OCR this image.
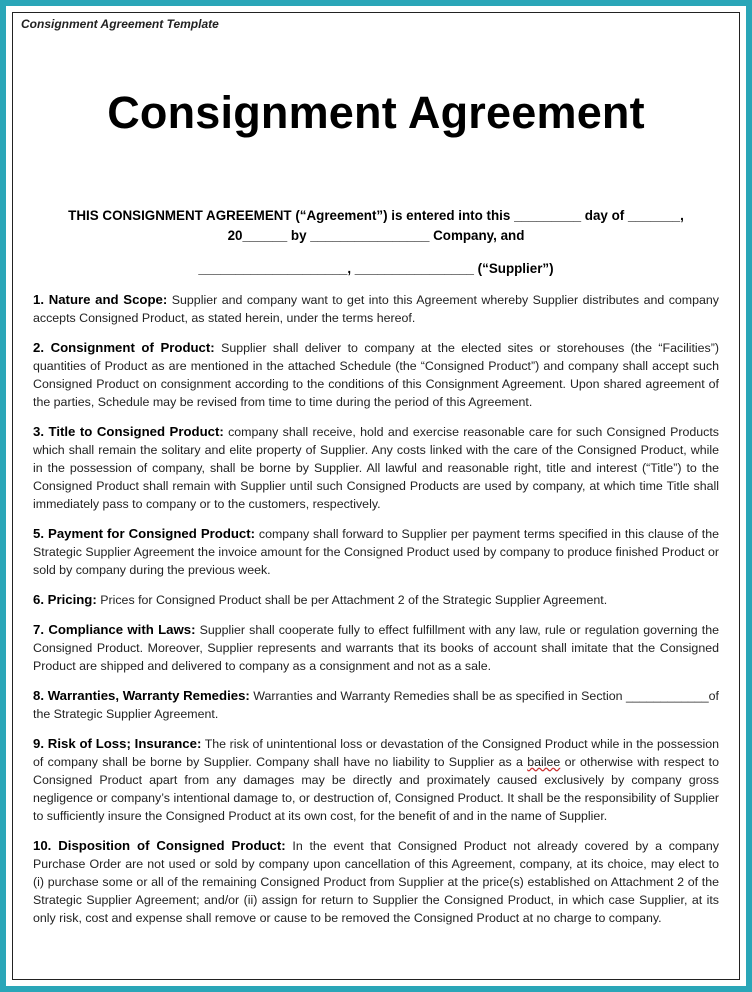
Consignment Agreement Template
Consignment Agreement
THIS CONSIGNMENT AGREEMENT (“Agreement”) is entered into this _________ day of _______,
20______ by ________________ Company, and
____________________, ________________ (“Supplier”)

1. Nature and Scope: Supplier and company want to get into this Agreement whereby Supplier distributes and company accepts Consigned Product, as stated herein, under the terms hereof.

2. Consignment of Product: Supplier shall deliver to company at the elected sites or storehouses (the “Facilities”) quantities of Product as are mentioned in the attached Schedule (the “Consigned Product”) and company shall accept such Consigned Product on consignment according to the conditions of this Consignment Agreement. Upon shared agreement of the parties, Schedule may be revised from time to time during the period of this Agreement.

3. Title to Consigned Product: company shall receive, hold and exercise reasonable care for such Consigned Products which shall remain the solitary and elite property of Supplier. Any costs linked with the care of the Consigned Product, while in the possession of company, shall be borne by Supplier. All lawful and reasonable right, title and interest (“Title”) to the Consigned Product shall remain with Supplier until such Consigned Products are used by company, at which time Title shall immediately pass to company or to the customers, respectively.

5. Payment for Consigned Product: company shall forward to Supplier per payment terms specified in this clause of the Strategic Supplier Agreement the invoice amount for the Consigned Product used by company to produce finished Product or sold by company during the previous week.

6. Pricing: Prices for Consigned Product shall be per Attachment 2 of the Strategic Supplier Agreement.

7. Compliance with Laws: Supplier shall cooperate fully to effect fulfillment with any law, rule or regulation governing the Consigned Product. Moreover, Supplier represents and warrants that its books of account shall imitate that the Consigned Product are shipped and delivered to company as a consignment and not as a sale.

8. Warranties, Warranty Remedies: Warranties and Warranty Remedies shall be as specified in Section ____________of the Strategic Supplier Agreement.

9. Risk of Loss; Insurance: The risk of unintentional loss or devastation of the Consigned Product while in the possession of company shall be borne by Supplier. Company shall have no liability to Supplier as a bailee or otherwise with respect to Consigned Product apart from any damages may be directly and proximately caused exclusively by company gross negligence or company’s intentional damage to, or destruction of, Consigned Product. It shall be the responsibility of Supplier to sufficiently insure the Consigned Product at its own cost, for the benefit of and in the name of Supplier.

10. Disposition of Consigned Product: In the event that Consigned Product not already covered by a company Purchase Order are not used or sold by company upon cancellation of this Agreement, company, at its choice, may elect to (i) purchase some or all of the remaining Consigned Product from Supplier at the price(s) established on Attachment 2 of the Strategic Supplier Agreement; and/or (ii) assign for return to Supplier the Consigned Product, in which case Supplier, at its only risk, cost and expense shall remove or cause to be removed the Consigned Product at no charge to company.
